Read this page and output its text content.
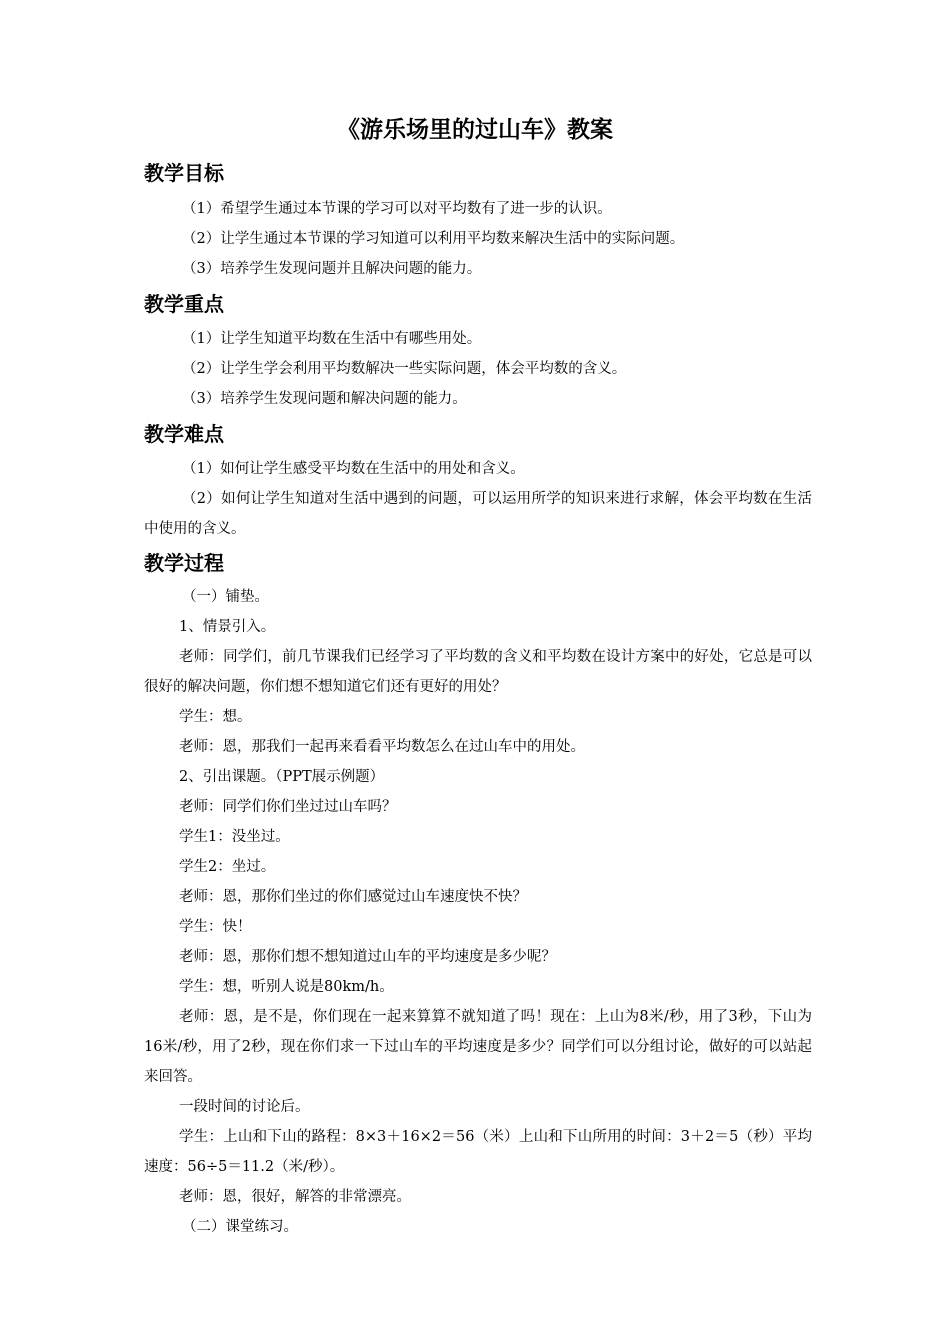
《游乐场里的过山车》教案
教学目标
（1）希望学生通过本节课的学习可以对平均数有了进一步的认识。
（2）让学生通过本节课的学习知道可以利用平均数来解决生活中的实际问题。
（3）培养学生发现问题并且解决问题的能力。
教学重点
（1）让学生知道平均数在生活中有哪些用处。
（2）让学生学会利用平均数解决一些实际问题，体会平均数的含义。
（3）培养学生发现问题和解决问题的能力。
教学难点
（1）如何让学生感受平均数在生活中的用处和含义。
（2）如何让学生知道对生活中遇到的问题，可以运用所学的知识来进行求解，体会平均数在生活中使用的含义。
教学过程
（一）铺垫。
1、情景引入。
老师：同学们，前几节课我们已经学习了平均数的含义和平均数在设计方案中的好处，它总是可以很好的解决问题，你们想不想知道它们还有更好的用处？
学生：想。
老师：恩，那我们一起再来看看平均数怎么在过山车中的用处。
2、引出课题。（PPT展示例题）
老师：同学们你们坐过过山车吗？
学生1：没坐过。
学生2：坐过。
老师：恩，那你们坐过的你们感觉过山车速度快不快？
学生：快！
老师：恩，那你们想不想知道过山车的平均速度是多少呢？
学生：想，听别人说是80km/h。
老师：恩，是不是，你们现在一起来算算不就知道了吗！现在：上山为8米/秒，用了3秒，下山为16米/秒，用了2秒，现在你们求一下过山车的平均速度是多少？同学们可以分组讨论，做好的可以站起来回答。
一段时间的讨论后。
学生：上山和下山的路程：8×3＋16×2＝56（米）上山和下山所用的时间：3＋2＝5（秒）平均速度：56÷5＝11.2（米/秒）。
老师：恩，很好，解答的非常漂亮。
（二）课堂练习。
